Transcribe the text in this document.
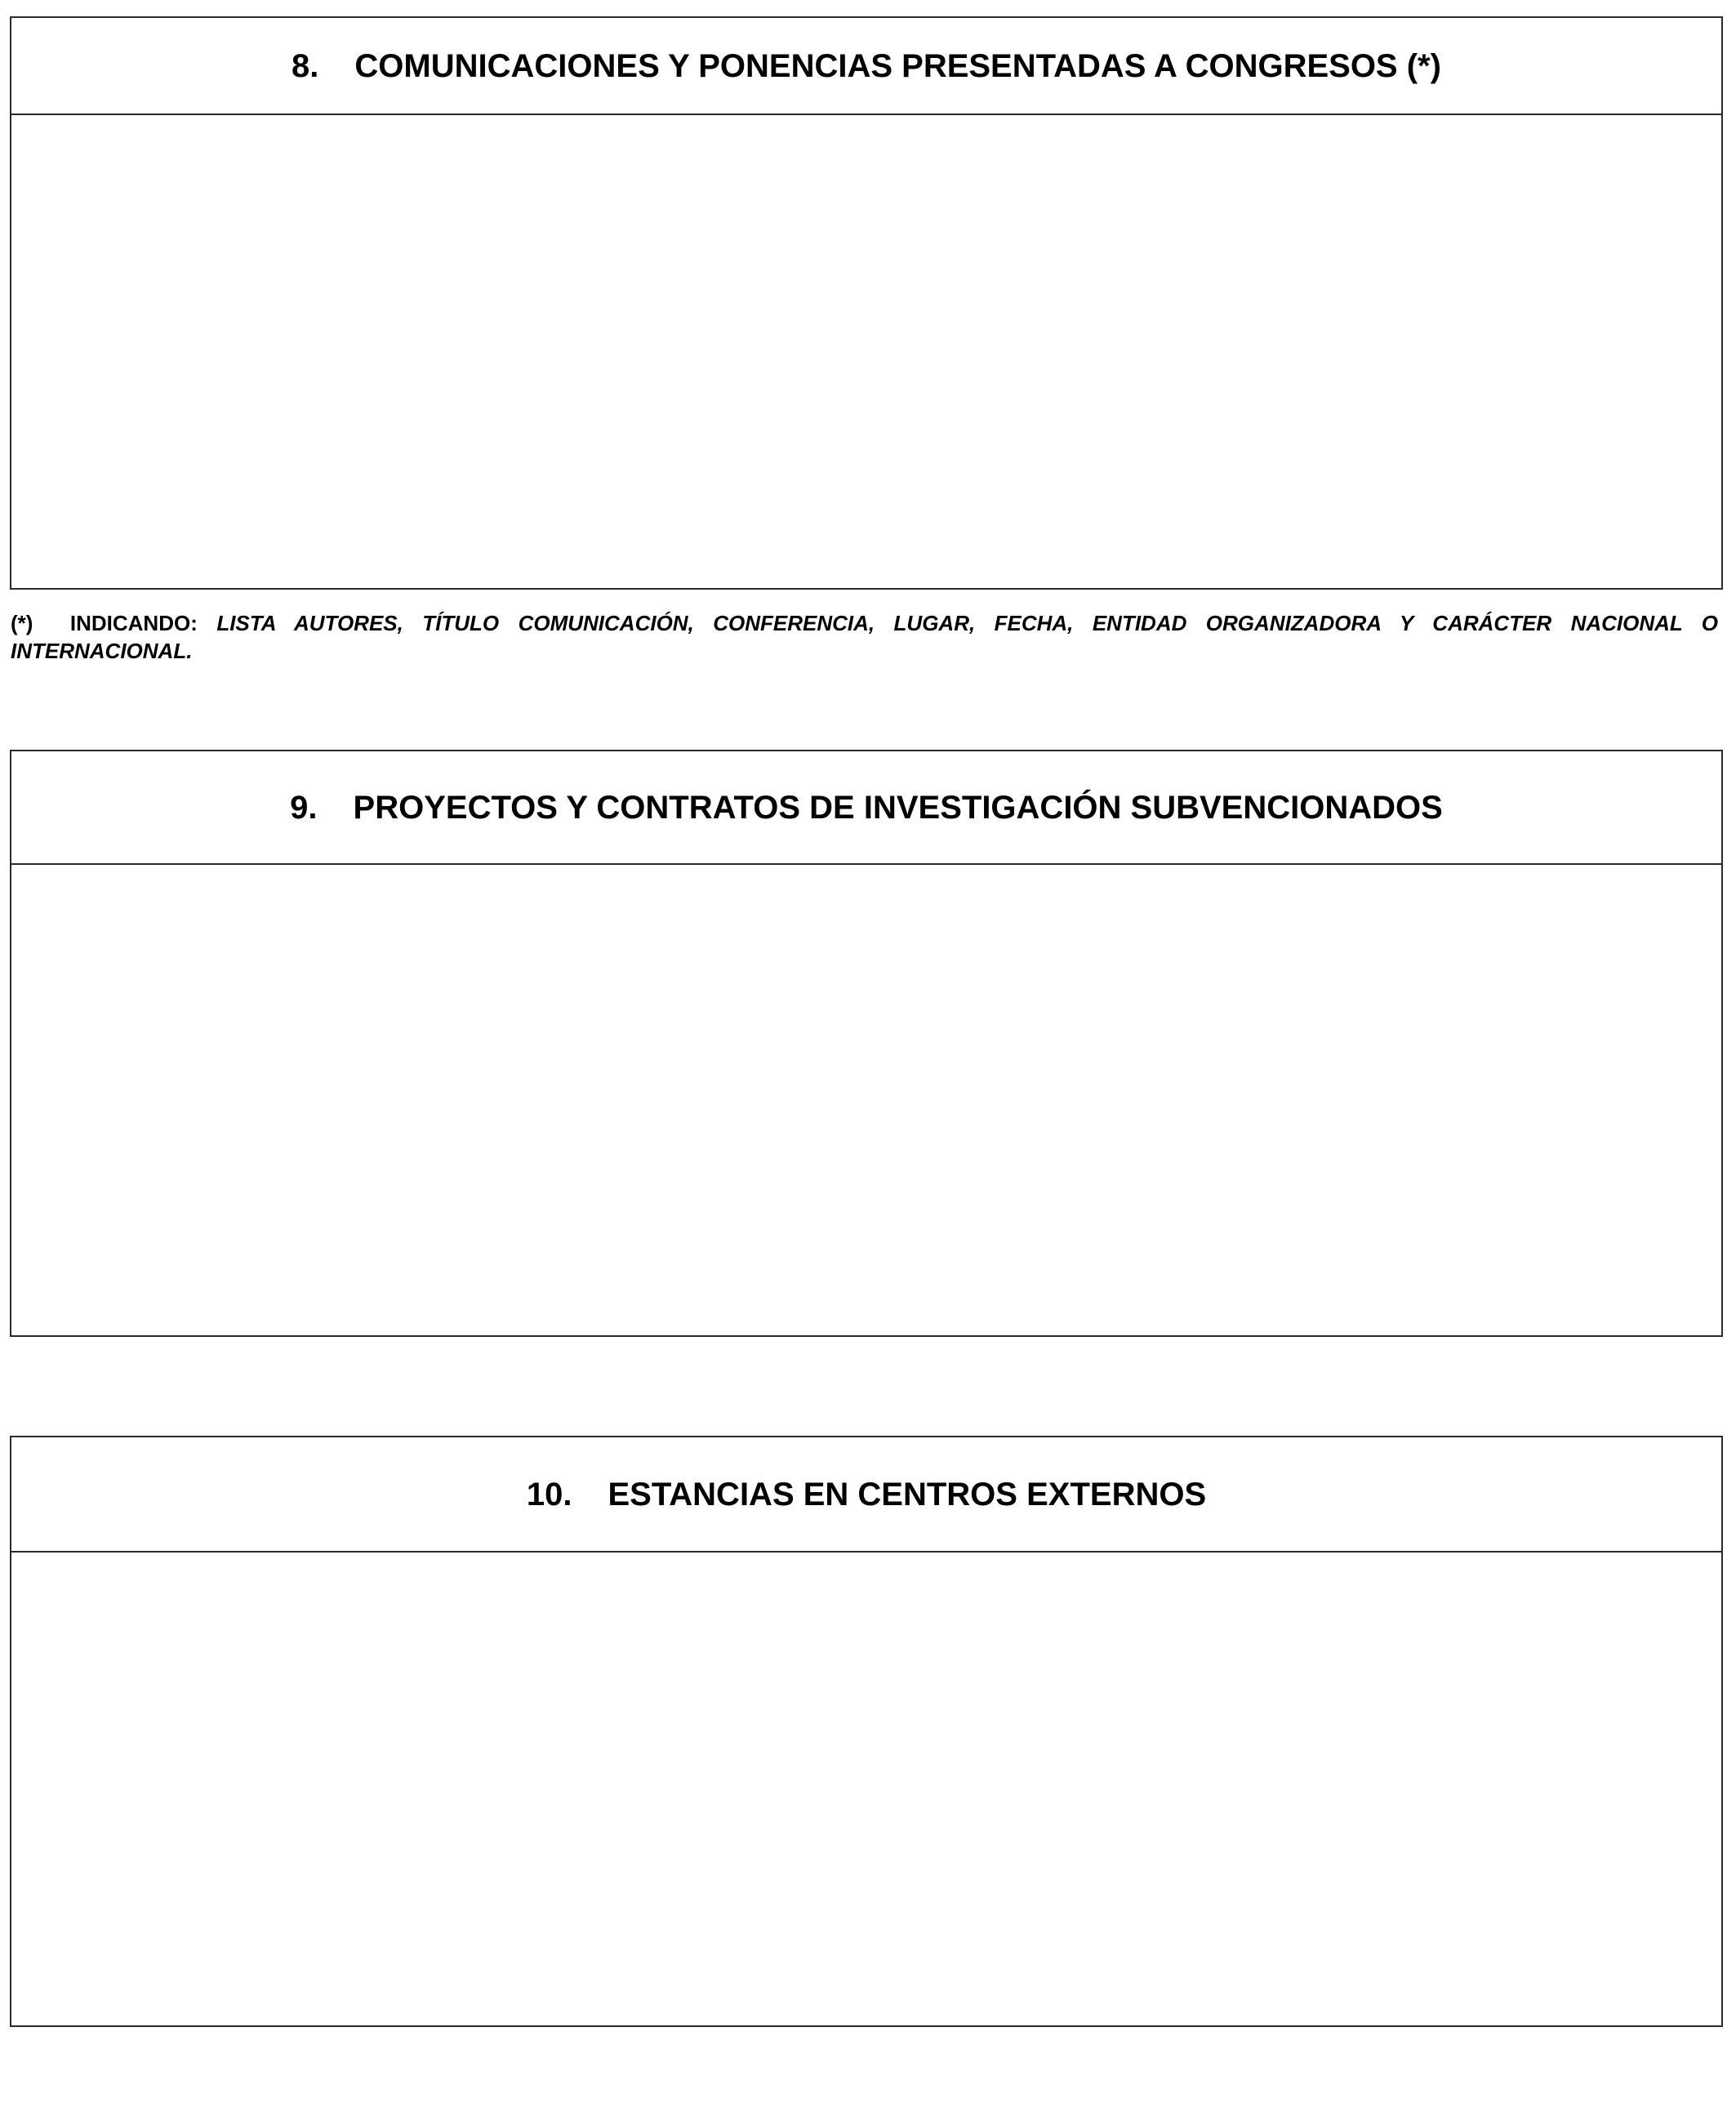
8. COMUNICACIONES Y PONENCIAS PRESENTADAS A CONGRESOS (*)
(*) INDICANDO: LISTA AUTORES, TÍTULO COMUNICACIÓN, CONFERENCIA, LUGAR, FECHA, ENTIDAD ORGANIZADORA Y CARÁCTER NACIONAL O INTERNACIONAL.
9. PROYECTOS Y CONTRATOS DE INVESTIGACIÓN SUBVENCIONADOS
10. ESTANCIAS EN CENTROS EXTERNOS
